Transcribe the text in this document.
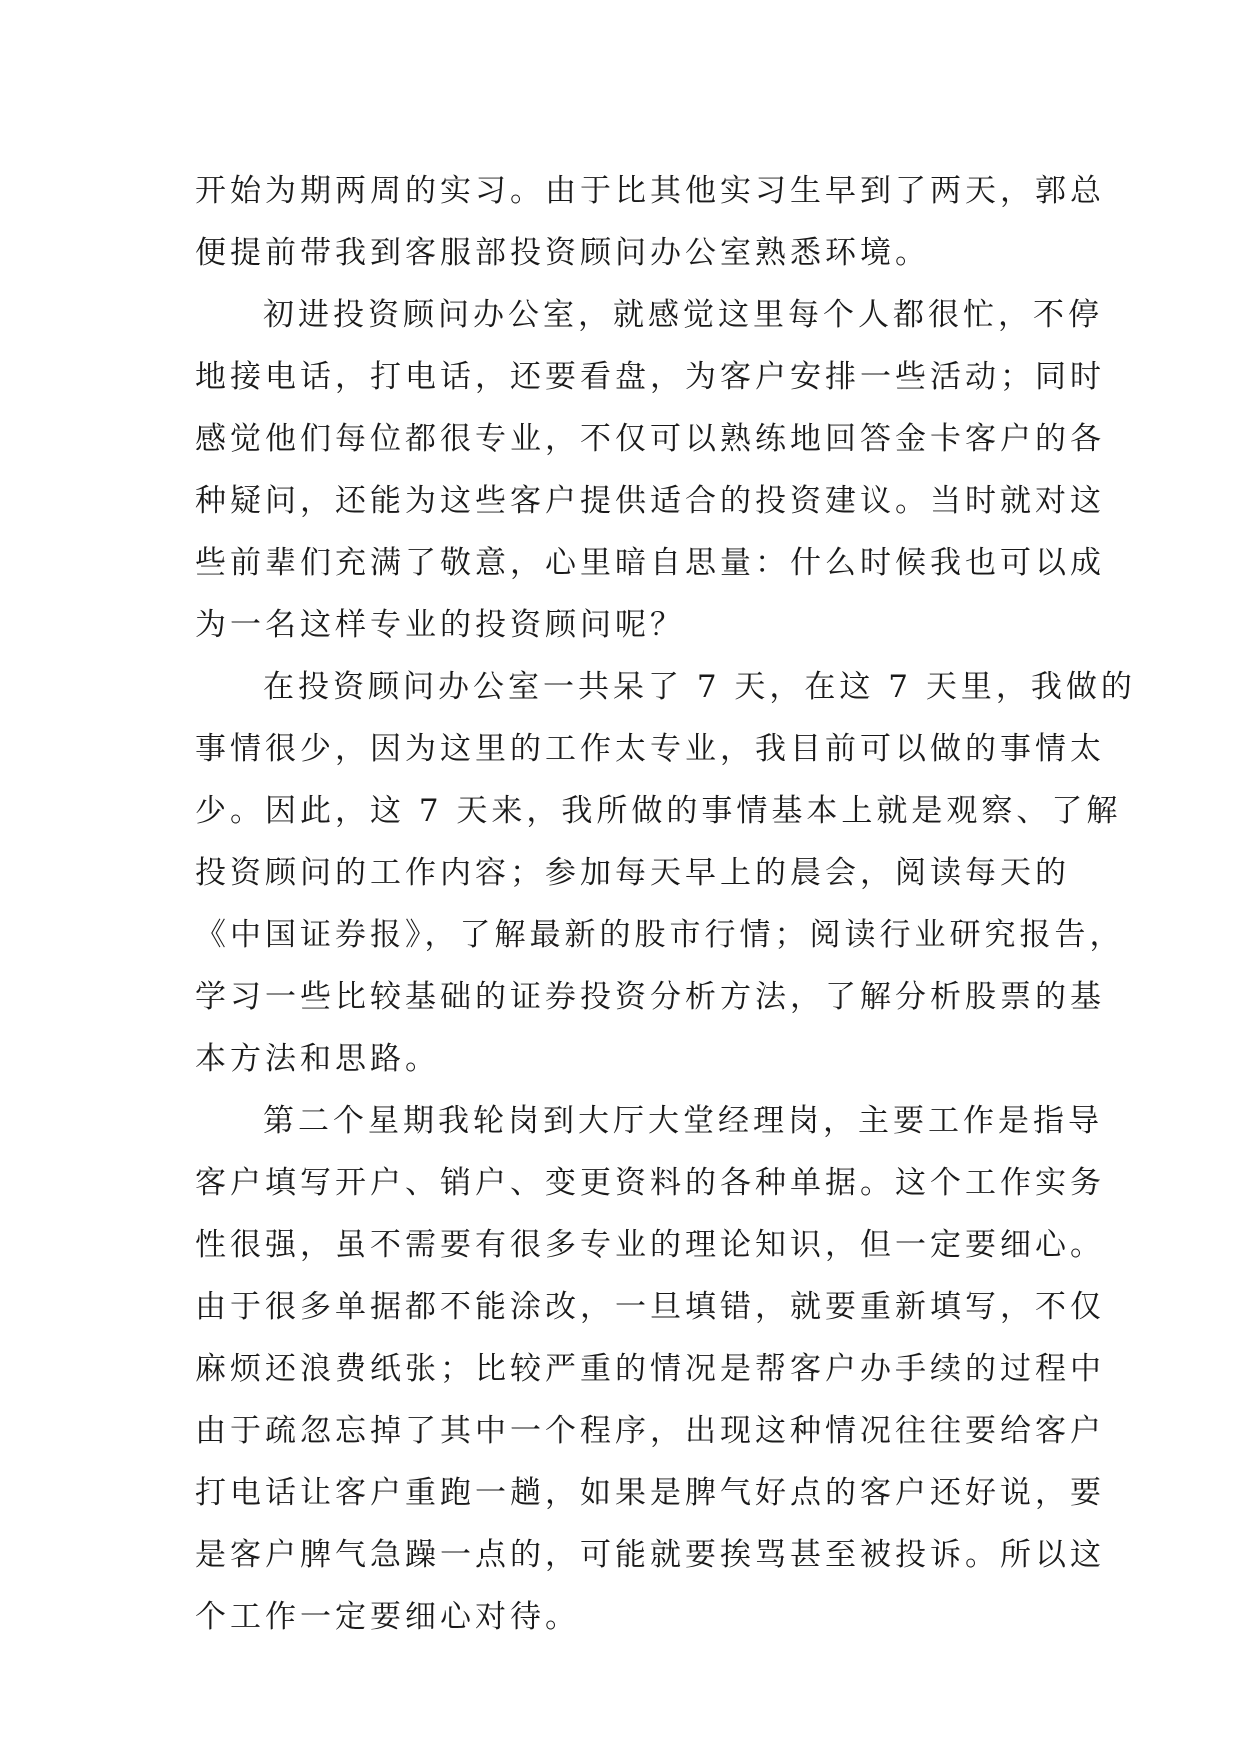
开始为期两周的实习。由于比其他实习生早到了两天，郭总
便提前带我到客服部投资顾问办公室熟悉环境。
初进投资顾问办公室，就感觉这里每个人都很忙，不停
地接电话，打电话，还要看盘，为客户安排一些活动；同时
感觉他们每位都很专业，不仅可以熟练地回答金卡客户的各
种疑问，还能为这些客户提供适合的投资建议。当时就对这
些前辈们充满了敬意，心里暗自思量：什么时候我也可以成
为一名这样专业的投资顾问呢？
在投资顾问办公室一共呆了 7 天，在这 7 天里，我做的
事情很少，因为这里的工作太专业，我目前可以做的事情太
少。因此，这 7 天来，我所做的事情基本上就是观察、了解
投资顾问的工作内容；参加每天早上的晨会，阅读每天的
《中国证券报》，了解最新的股市行情；阅读行业研究报告，
学习一些比较基础的证券投资分析方法，了解分析股票的基
本方法和思路。
第二个星期我轮岗到大厅大堂经理岗，主要工作是指导
客户填写开户、销户、变更资料的各种单据。这个工作实务
性很强，虽不需要有很多专业的理论知识，但一定要细心。
由于很多单据都不能涂改，一旦填错，就要重新填写，不仅
麻烦还浪费纸张；比较严重的情况是帮客户办手续的过程中
由于疏忽忘掉了其中一个程序，出现这种情况往往要给客户
打电话让客户重跑一趟，如果是脾气好点的客户还好说，要
是客户脾气急躁一点的，可能就要挨骂甚至被投诉。所以这
个工作一定要细心对待。
